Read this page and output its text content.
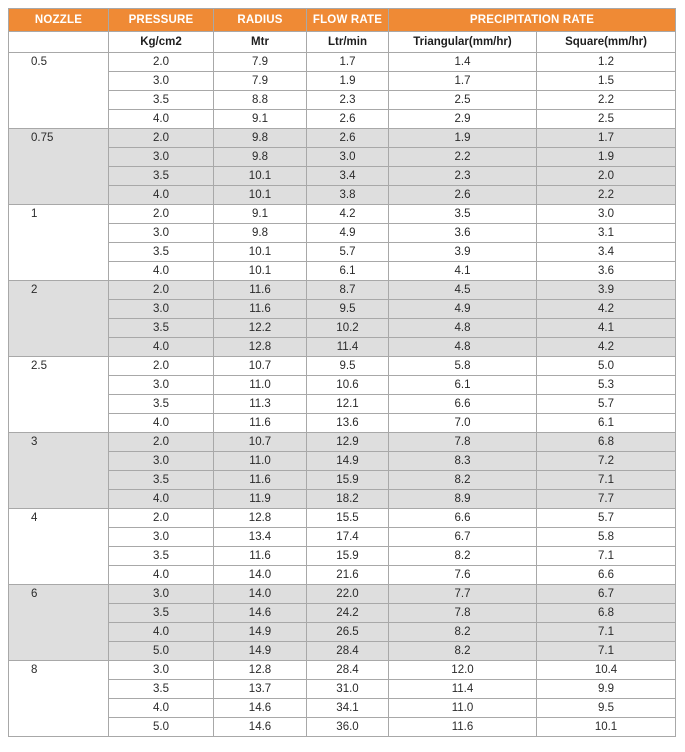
NOZZLE	PRESSURE	RADIUS	FLOW RATE	PRECIPITATION RATE	
	Kg/cm2	Mtr	Ltr/min	Triangular(mm/hr)	Square(mm/hr)
0.5	2.0	7.9	1.7	1.4	1.2
	3.0	7.9	1.9	1.7	1.5
	3.5	8.8	2.3	2.5	2.2
	4.0	9.1	2.6	2.9	2.5
0.75	2.0	9.8	2.6	1.9	1.7
	3.0	9.8	3.0	2.2	1.9
	3.5	10.1	3.4	2.3	2.0
	4.0	10.1	3.8	2.6	2.2
1	2.0	9.1	4.2	3.5	3.0
	3.0	9.8	4.9	3.6	3.1
	3.5	10.1	5.7	3.9	3.4
	4.0	10.1	6.1	4.1	3.6
2	2.0	11.6	8.7	4.5	3.9
	3.0	11.6	9.5	4.9	4.2
	3.5	12.2	10.2	4.8	4.1
	4.0	12.8	11.4	4.8	4.2
2.5	2.0	10.7	9.5	5.8	5.0
	3.0	11.0	10.6	6.1	5.3
	3.5	11.3	12.1	6.6	5.7
	4.0	11.6	13.6	7.0	6.1
3	2.0	10.7	12.9	7.8	6.8
	3.0	11.0	14.9	8.3	7.2
	3.5	11.6	15.9	8.2	7.1
	4.0	11.9	18.2	8.9	7.7
4	2.0	12.8	15.5	6.6	5.7
	3.0	13.4	17.4	6.7	5.8
	3.5	11.6	15.9	8.2	7.1
	4.0	14.0	21.6	7.6	6.6
6	3.0	14.0	22.0	7.7	6.7
	3.5	14.6	24.2	7.8	6.8
	4.0	14.9	26.5	8.2	7.1
	5.0	14.9	28.4	8.2	7.1
8	3.0	12.8	28.4	12.0	10.4
	3.5	13.7	31.0	11.4	9.9
	4.0	14.6	34.1	11.0	9.5
	5.0	14.6	36.0	11.6	10.1
